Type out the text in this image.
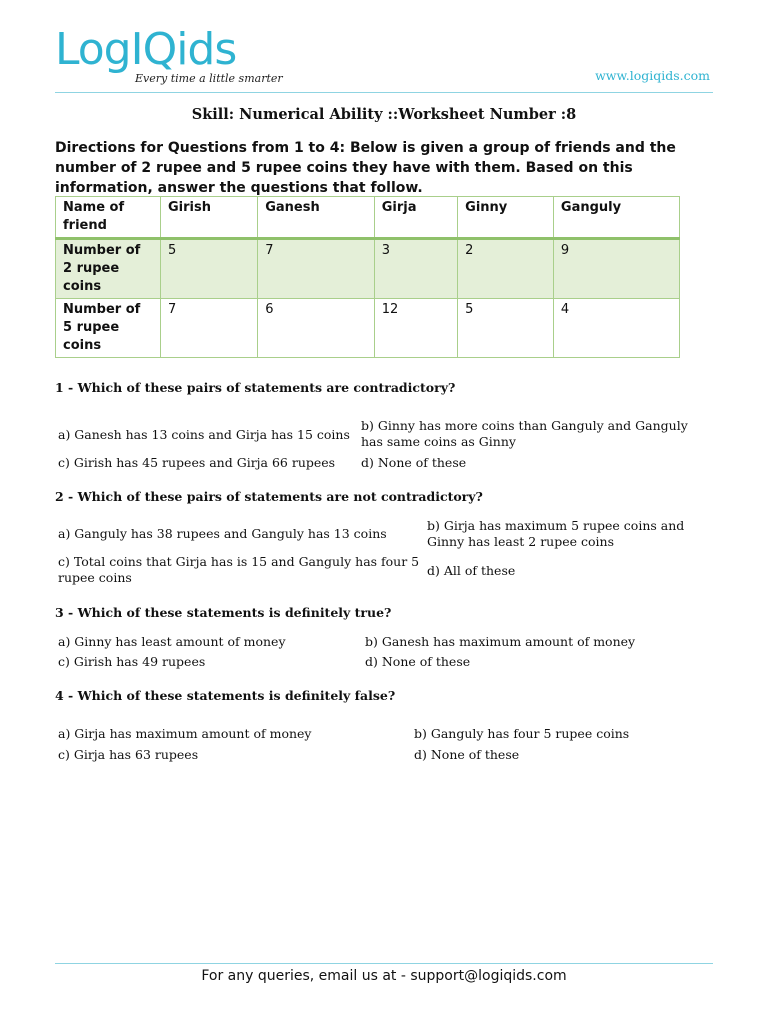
LogIQids
Every time a little smarter	www.logiqids.com
Skill: Numerical Ability ::Worksheet Number :8
Directions for Questions from 1 to 4: Below is given a group of friends and the number of 2 rupee and 5 rupee coins they have with them. Based on this information, answer the questions that follow.
Name of friend	Girish	Ganesh	Girja	Ginny	Ganguly
Number of 2 rupee coins	5	7	3	2	9
Number of 5 rupee coins	7	6	12	5	4
1 - Which of these pairs of statements are contradictory?
a) Ganesh has 13 coins and Girja has 15 coins
b) Ginny has more coins than Ganguly and Ganguly has same coins as Ginny
c) Girish has 45 rupees and Girja 66 rupees	d) None of these
2 - Which of these pairs of statements are not contradictory?
a) Ganguly has 38 rupees and Ganguly has 13 coins
b) Girja has maximum 5 rupee coins and Ginny has least 2 rupee coins
c) Total coins that Girja has is 15 and Ganguly has four 5 rupee coins	d) All of these
3 - Which of these statements is definitely true?
a) Ginny has least amount of money	b) Ganesh has maximum amount of money
c) Girish has 49 rupees	d) None of these
4 - Which of these statements is definitely false?
a) Girja has maximum amount of money	b) Ganguly has four 5 rupee coins
c) Girja has 63 rupees	d) None of these
For any queries, email us at - support@logiqids.com
